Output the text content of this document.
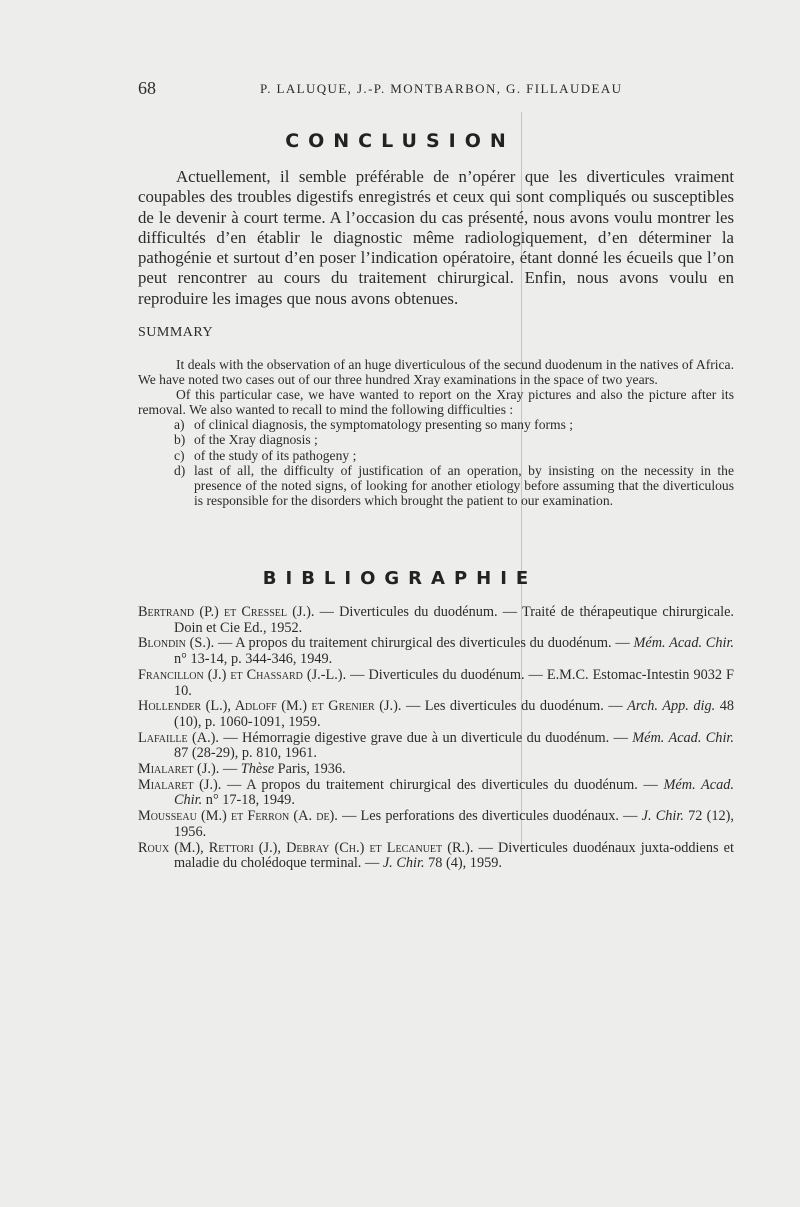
68	P. LALUQUE, J.-P. MONTBARBON, G. FILLAUDEAU
CONCLUSION

Actuellement, il semble préférable de n’opérer que les diverticules vraiment coupables des troubles digestifs enregistrés et ceux qui sont compliqués ou susceptibles de le devenir à court terme. A l’occasion du cas présenté, nous avons voulu montrer les difficultés d’en établir le diagnostic même radiologiquement, d’en déterminer la pathogénie et surtout d’en poser l’indication opératoire, étant donné les écueils que l’on peut rencontrer au cours du traitement chirurgical. Enfin, nous avons voulu en reproduire les images que nous avons obtenues.

SUMMARY

It deals with the observation of an huge diverticulous of the secund duodenum in the natives of Africa. We have noted two cases out of our three hundred Xray examinations in the space of two years.

Of this particular case, we have wanted to report on the Xray pictures and also the picture after its removal. We also wanted to recall to mind the following difficulties :

a) of clinical diagnosis, the symptomatology presenting so many forms ;
b) of the Xray diagnosis ;
c) of the study of its pathogeny ;
d) last of all, the difficulty of justification of an operation, by insisting on the necessity in the presence of the noted signs, of looking for another etiology before assuming that the diverticulous is responsible for the disorders which brought the patient to our examination.
BIBLIOGRAPHIE
Bertrand (P.) et Cressel (J.). — Diverticules du duodénum. — Traité de thérapeutique chirurgicale. Doin et Cie Ed., 1952.
Blondin (S.). — A propos du traitement chirurgical des diverticules du duodénum. — Mém. Acad. Chir. n° 13-14, p. 344-346, 1949.
Francillon (J.) et Chassard (J.-L.). — Diverticules du duodénum. — E.M.C. Estomac-Intestin 9032 F 10.
Hollender (L.), Adloff (M.) et Grenier (J.). — Les diverticules du duodénum. — Arch. App. dig. 48 (10), p. 1060-1091, 1959.
Lafaille (A.). — Hémorragie digestive grave due à un diverticule du duodénum. — Mém. Acad. Chir. 87 (28-29), p. 810, 1961.
Mialaret (J.). — Thèse Paris, 1936.
Mialaret (J.). — A propos du traitement chirurgical des diverticules du duodénum. — Mém. Acad. Chir. n° 17-18, 1949.
Mousseau (M.) et Ferron (A. de). — Les perforations des diverticules duodénaux. — J. Chir. 72 (12), 1956.
Roux (M.), Rettori (J.), Debray (Ch.) et Lecanuet (R.). — Diverticules duodénaux juxta-oddiens et maladie du cholédoque terminal. — J. Chir. 78 (4), 1959.
